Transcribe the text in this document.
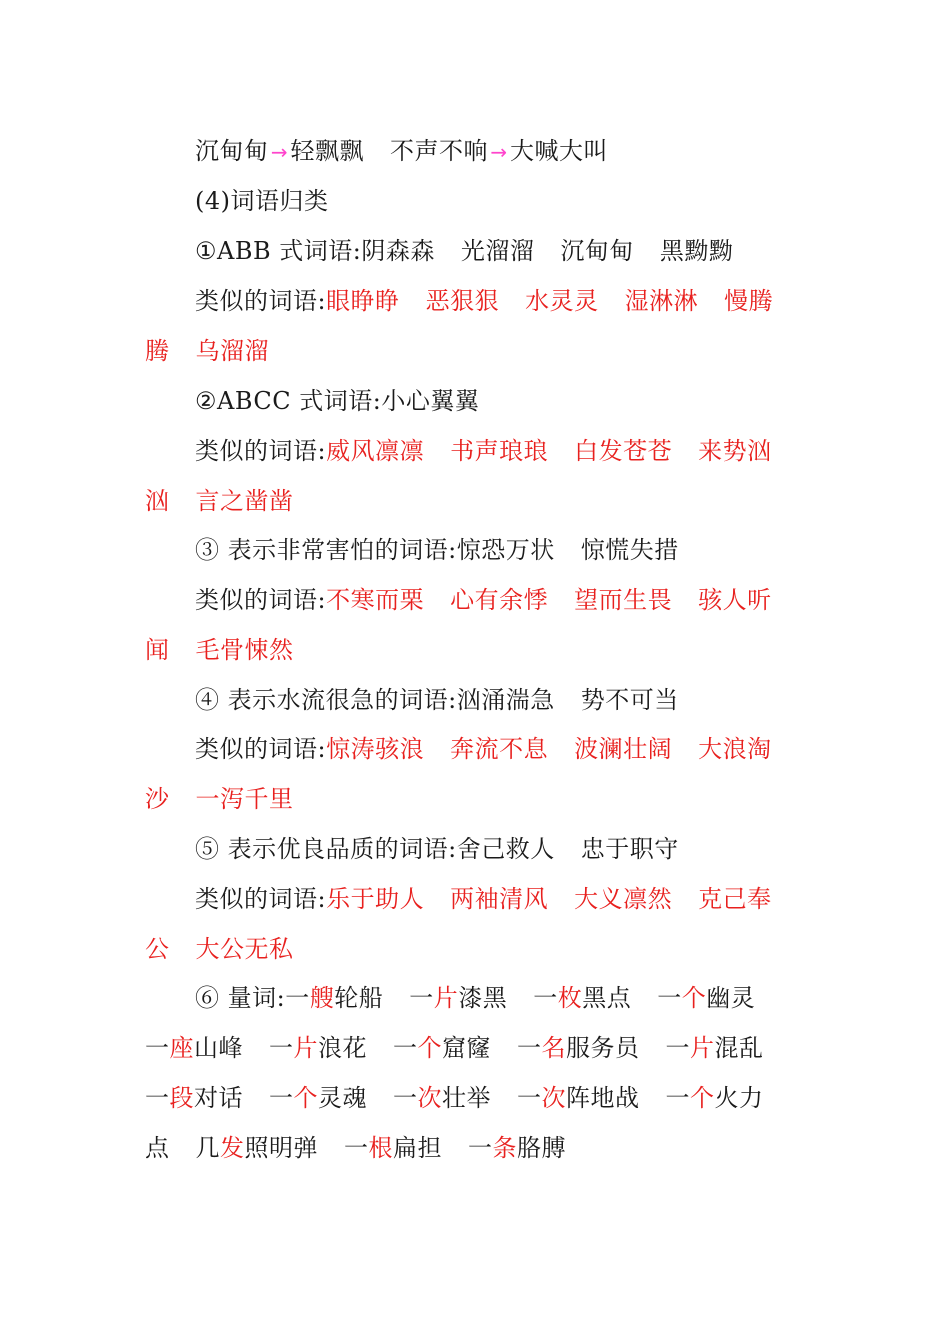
沉甸甸 →轻飘飘 不声不响 →大喊大叫
(4)词语归类
①ABB 式词语:阴森森 光溜溜 沉甸甸 黑黝黝
类似的词语:眼睁睁 恶狠狠 水灵灵 湿淋淋 慢腾
腾 乌溜溜
②ABCC 式词语:小心翼翼
类似的词语:威风凛凛 书声琅琅 白发苍苍 来势汹
汹 言之凿凿
③ 表示非常害怕的词语:惊恐万状 惊慌失措
类似的词语:不寒而栗 心有余悸 望而生畏 骇人听
闻 毛骨悚然
④ 表示水流很急的词语:汹涌湍急 势不可当
类似的词语:惊涛骇浪 奔流不息 波澜壮阔 大浪淘
沙 一泻千里
⑤ 表示优良品质的词语:舍己救人 忠于职守
类似的词语:乐于助人 两袖清风 大义凛然 克己奉
公 大公无私
⑥ 量词:一艘轮船 一片漆黑 一枚黑点 一个幽灵
一座山峰 一片浪花 一个窟窿 一名服务员 一片混乱
一段对话 一个灵魂 一次壮举 一次阵地战 一个火力
点 几发照明弹 一根扁担 一条胳膊
